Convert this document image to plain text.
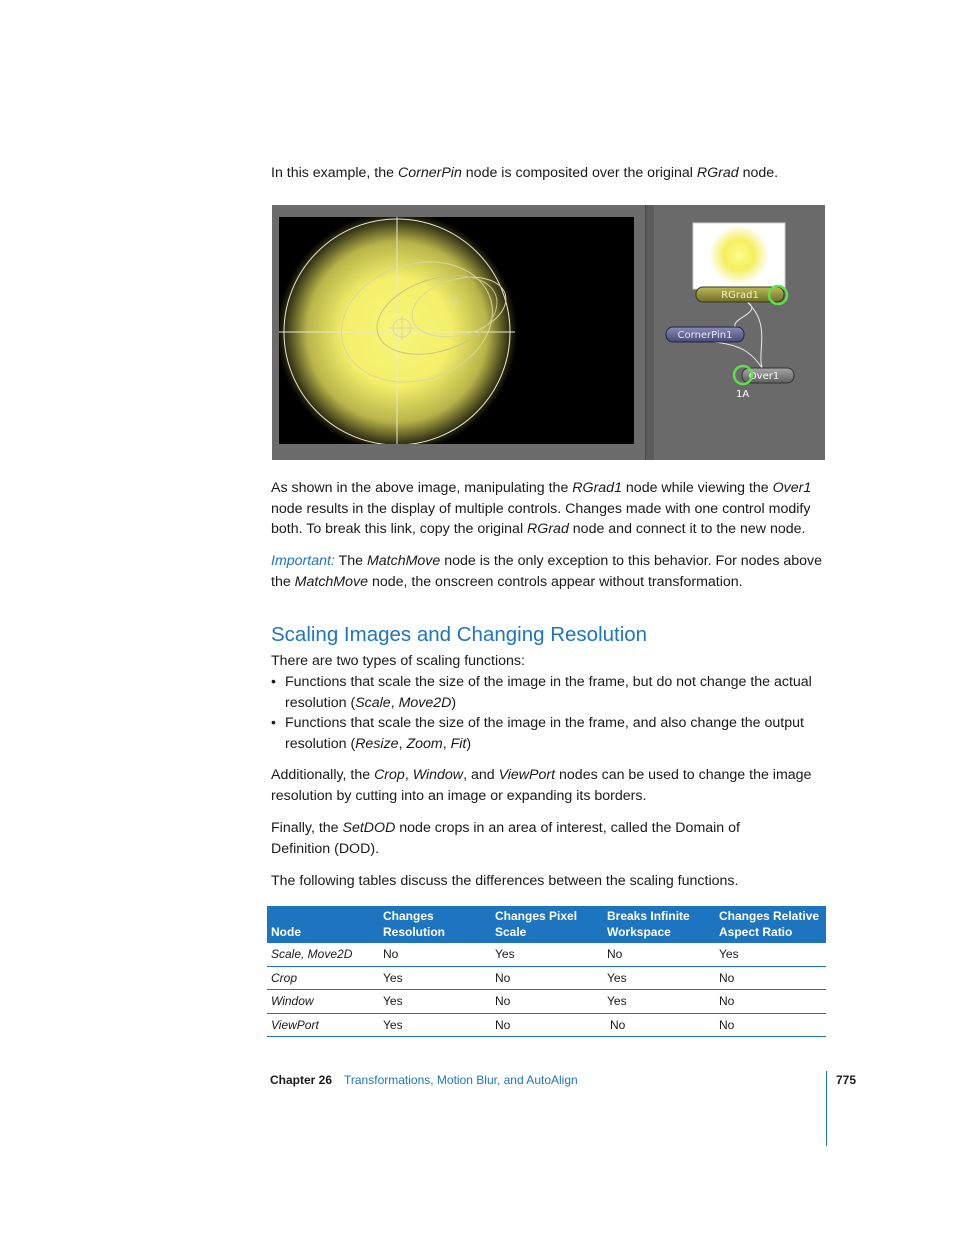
In this example, the CornerPin node is composited over the original RGrad node.
RGrad1
CornerPin1
Over1
1A
As shown in the above image, manipulating the RGrad1 node while viewing the Over1 node results in the display of multiple controls. Changes made with one control modify both. To break this link, copy the original RGrad node and connect it to the new node.
Important: The MatchMove node is the only exception to this behavior. For nodes above the MatchMove node, the onscreen controls appear without transformation.
Scaling Images and Changing Resolution
There are two types of scaling functions:
• Functions that scale the size of the image in the frame, but do not change the actual resolution (Scale, Move2D)
• Functions that scale the size of the image in the frame, and also change the output resolution (Resize, Zoom, Fit)
Additionally, the Crop, Window, and ViewPort nodes can be used to change the image resolution by cutting into an image or expanding its borders.
Finally, the SetDOD node crops in an area of interest, called the Domain of Definition (DOD).
The following tables discuss the differences between the scaling functions.
Node	Changes Resolution	Changes Pixel Scale	Breaks Infinite Workspace	Changes Relative Aspect Ratio
Scale, Move2D	No	Yes	No	Yes
Crop	Yes	No	Yes	No
Window	Yes	No	Yes	No
ViewPort	Yes	No	No	No
Chapter 26 Transformations, Motion Blur, and AutoAlign	775
